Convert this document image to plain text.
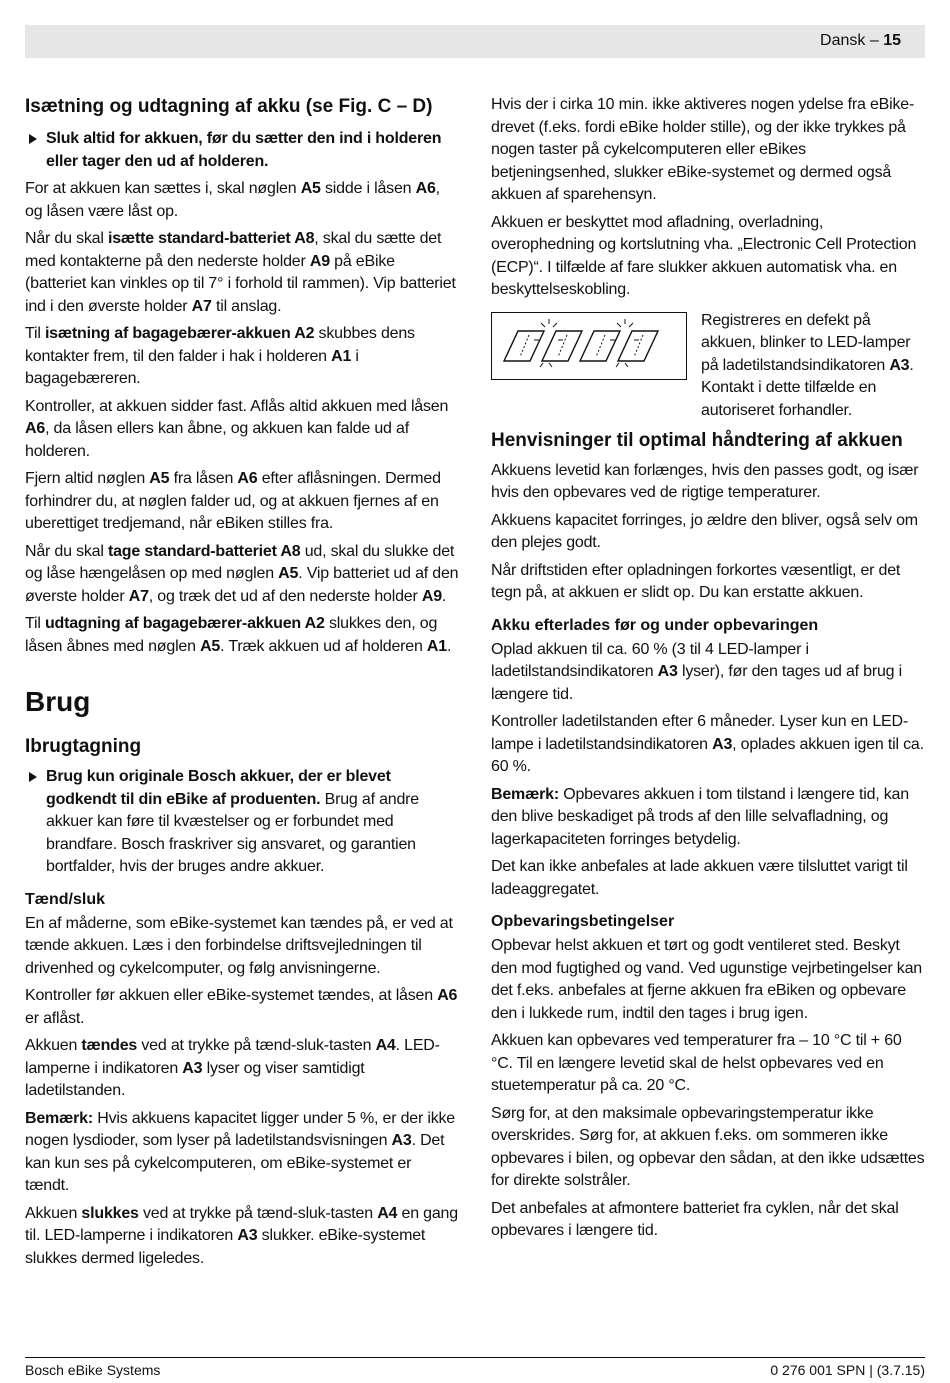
Dansk – 15
Isætning og udtagning af akku (se Fig. C – D)

Sluk altid for akkuen, før du sætter den ind i holderen eller tager den ud af holderen.

For at akkuen kan sættes i, skal nøglen A5 sidde i låsen A6, og låsen være låst op.

Når du skal isætte standard-batteriet A8, skal du sætte det med kontakterne på den nederste holder A9 på eBike (batteriet kan vinkles op til 7° i forhold til rammen). Vip batteriet ind i den øverste holder A7 til anslag.

Til isætning af bagagebærer-akkuen A2 skubbes dens kontakter frem, til den falder i hak i holderen A1 i bagagebæreren.

Kontroller, at akkuen sidder fast. Aflås altid akkuen med låsen A6, da låsen ellers kan åbne, og akkuen kan falde ud af holderen.

Fjern altid nøglen A5 fra låsen A6 efter aflåsningen. Dermed forhindrer du, at nøglen falder ud, og at akkuen fjernes af en uberettiget tredjemand, når eBiken stilles fra.

Når du skal tage standard-batteriet A8 ud, skal du slukke det og låse hængelåsen op med nøglen A5. Vip batteriet ud af den øverste holder A7, og træk det ud af den nederste holder A9.

Til udtagning af bagagebærer-akkuen A2 slukkes den, og låsen åbnes med nøglen A5. Træk akkuen ud af holderen A1.

Brug
Ibrugtagning

Brug kun originale Bosch akkuer, der er blevet godkendt til din eBike af produenten. Brug af andre akkuer kan føre til kvæstelser og er forbundet med brandfare. Bosch fraskriver sig ansvaret, og garantien bortfalder, hvis der bruges andre akkuer.

Tænd/sluk

En af måderne, som eBike-systemet kan tændes på, er ved at tænde akkuen. Læs i den forbindelse driftsvejledningen til drivenhed og cykelcomputer, og følg anvisningerne.

Kontroller før akkuen eller eBike-systemet tændes, at låsen A6 er aflåst.

Akkuen tændes ved at trykke på tænd-sluk-tasten A4. LED-lamperne i indikatoren A3 lyser og viser samtidigt ladetilstanden.

Bemærk: Hvis akkuens kapacitet ligger under 5 %, er der ikke nogen lysdioder, som lyser på ladetilstandsvisningen A3. Det kan kun ses på cykelcomputeren, om eBike-systemet er tændt.

Akkuen slukkes ved at trykke på tænd-sluk-tasten A4 en gang til. LED-lamperne i indikatoren A3 slukker. eBike-systemet slukkes dermed ligeledes.

Hvis der i cirka 10 min. ikke aktiveres nogen ydelse fra eBike-drevet (f.eks. fordi eBike holder stille), og der ikke trykkes på nogen taster på cykelcomputeren eller eBikes betjeningsenhed, slukker eBike-systemet og dermed også akkuen af sparehensyn.

Akkuen er beskyttet mod afladning, overladning, overophedning og kortslutning vha. „Electronic Cell Protection (ECP)“. I tilfælde af fare slukker akkuen automatisk vha. en beskyttelseskobling.

Registreres en defekt på akkuen, blinker to LED-lamper på ladetilstandsindikatoren A3. Kontakt i dette tilfælde en autoriseret forhandler.
Henvisninger til optimal håndtering af akkuen

Akkuens levetid kan forlænges, hvis den passes godt, og især hvis den opbevares ved de rigtige temperaturer.

Akkuens kapacitet forringes, jo ældre den bliver, også selv om den plejes godt.

Når driftstiden efter opladningen forkortes væsentligt, er det tegn på, at akkuen er slidt op. Du kan erstatte akkuen.

Akku efterlades før og under opbevaringen

Oplad akkuen til ca. 60 % (3 til 4 LED-lamper i ladetilstandsindikatoren A3 lyser), før den tages ud af brug i længere tid.

Kontroller ladetilstanden efter 6 måneder. Lyser kun en LED-lampe i ladetilstandsindikatoren A3, oplades akkuen igen til ca. 60 %.

Bemærk: Opbevares akkuen i tom tilstand i længere tid, kan den blive beskadiget på trods af den lille selvafladning, og lagerkapaciteten forringes betydelig.

Det kan ikke anbefales at lade akkuen være tilsluttet varigt til ladeaggregatet.

Opbevaringsbetingelser

Opbevar helst akkuen et tørt og godt ventileret sted. Beskyt den mod fugtighed og vand. Ved ugunstige vejrbetingelser kan det f.eks. anbefales at fjerne akkuen fra eBiken og opbevare den i lukkede rum, indtil den tages i brug igen.

Akkuen kan opbevares ved temperaturer fra – 10 °C til + 60 °C. Til en længere levetid skal de helst opbevares ved en stuetemperatur på ca. 20 °C.

Sørg for, at den maksimale opbevaringstemperatur ikke overskrides. Sørg for, at akkuen f.eks. om sommeren ikke opbevares i bilen, og opbevar den sådan, at den ikke udsættes for direkte solstråler.

Det anbefales at afmontere batteriet fra cyklen, når det skal opbevares i længere tid.

Bosch eBike Systems	0 276 001 SPN | (3.7.15)
